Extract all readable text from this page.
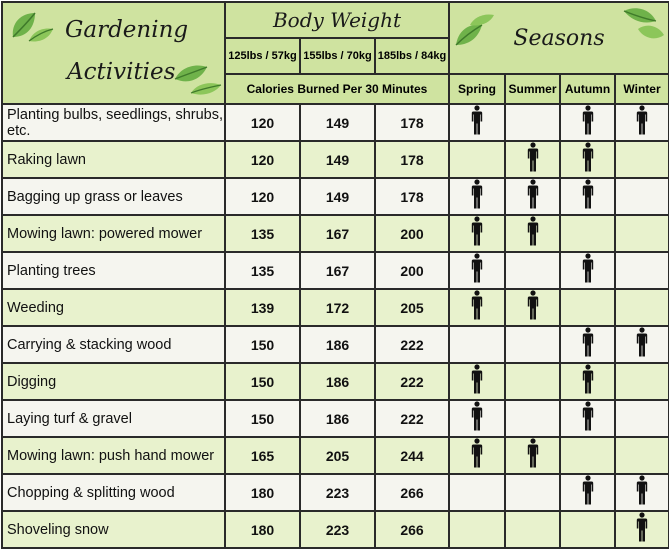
Gardening
Activities	Body Weight			Seasons			

	125lbs / 57kg	155lbs / 70kg	185lbs / 84kg				
	Calories Burned Per 30 Minutes			Spring	Summer	Autumn	Winter
Planting bulbs, seedlings, shrubs, etc.	120	149	178				
Raking lawn	120	149	178				
Bagging up grass or leaves	120	149	178				
Mowing lawn: powered mower	135	167	200				
Planting trees	135	167	200				
Weeding	139	172	205				
Carrying & stacking wood	150	186	222				
Digging	150	186	222				
Laying turf & gravel	150	186	222				
Mowing lawn: push hand mower	165	205	244				
Chopping & splitting wood	180	223	266				
Shoveling snow	180	223	266				
